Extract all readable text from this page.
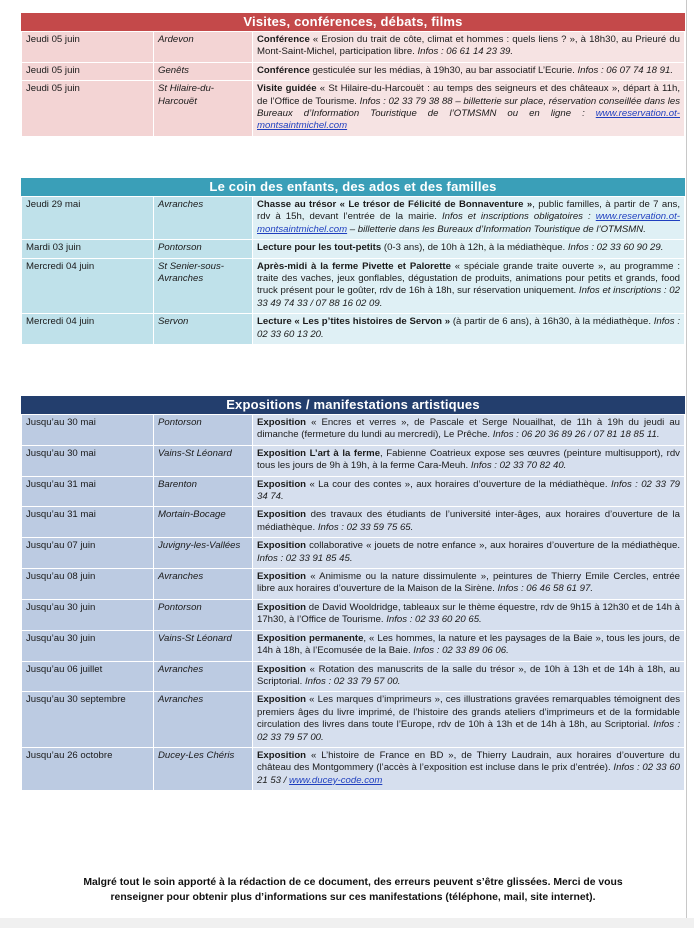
Visites, conférences, débats, films
Jeudi 05 juin	Ardevon	Conférence « Erosion du trait de côte, climat et hommes : quels liens ? », à 18h30, au Prieuré du Mont-Saint-Michel, participation libre. Infos : 06 61 14 23 39.
Jeudi 05 juin	Genêts	Conférence gesticulée sur les médias, à 19h30, au bar associatif L’Ecurie. Infos : 06 07 74 18 91.
Jeudi 05 juin	St Hilaire-du-Harcouët	Visite guidée « St Hilaire-du-Harcouët : au temps des seigneurs et des châteaux », départ à 11h, de l’Office de Tourisme. Infos : 02 33 79 38 88 – billetterie sur place, réservation conseillée dans les Bureaux d’Information Touristique de l’OTMSMN ou en ligne : www.reservation.ot-montsaintmichel.com
Le coin des enfants, des ados et des familles
Jeudi 29 mai	Avranches	Chasse au trésor « Le trésor de Félicité de Bonnaventure », public familles, à partir de 7 ans, rdv à 15h, devant l’entrée de la mairie. Infos et inscriptions obligatoires : www.reservation.ot-montsaintmichel.com – billetterie dans les Bureaux d’Information Touristique de l’OTMSMN.
Mardi 03 juin	Pontorson	Lecture pour les tout-petits (0-3 ans), de 10h à 12h, à la médiathèque. Infos : 02 33 60 90 29.
Mercredi 04 juin	St Senier-sous-Avranches	Après-midi à la ferme Pivette et Palorette « spéciale grande traite ouverte », au programme : traite des vaches, jeux gonflables, dégustation de produits, animations pour petits et grands, food truck présent pour le goûter, rdv de 16h à 18h, sur réservation uniquement. Infos et inscriptions : 02 33 49 74 33 / 07 88 16 02 09.
Mercredi 04 juin	Servon	Lecture « Les p’tites histoires de Servon » (à partir de 6 ans), à 16h30, à la médiathèque. Infos : 02 33 60 13 20.
Expositions / manifestations artistiques
Jusqu’au 30 mai	Pontorson	Exposition « Encres et verres », de Pascale et Serge Nouailhat, de 11h à 19h du jeudi au dimanche (fermeture du lundi au mercredi), Le Prêche. Infos : 06 20 36 89 26 / 07 81 18 85 11.
Jusqu’au 30 mai	Vains-St Léonard	Exposition L’art à la ferme, Fabienne Coatrieux expose ses œuvres (peinture multisupport), rdv tous les jours de 9h à 19h, à la ferme Cara-Meuh. Infos : 02 33 70 82 40.
Jusqu’au 31 mai	Barenton	Exposition « La cour des contes », aux horaires d’ouverture de la médiathèque. Infos : 02 33 79 34 74.
Jusqu’au 31 mai	Mortain-Bocage	Exposition des travaux des étudiants de l’université inter-âges, aux horaires d’ouverture de la médiathèque. Infos : 02 33 59 75 65.
Jusqu’au 07 juin	Juvigny-les-Vallées	Exposition collaborative « jouets de notre enfance », aux horaires d’ouverture de la médiathèque. Infos : 02 33 91 85 45.
Jusqu’au 08 juin	Avranches	Exposition « Animisme ou la nature dissimulente », peintures de Thierry Emile Cercles, entrée libre aux horaires d’ouverture de la Maison de la Sirène. Infos : 06 46 58 61 97.
Jusqu’au 30 juin	Pontorson	Exposition de David Wooldridge, tableaux sur le thème équestre, rdv de 9h15 à 12h30 et de 14h à 17h30, à l’Office de Tourisme. Infos : 02 33 60 20 65.
Jusqu’au 30 juin	Vains-St Léonard	Exposition permanente, « Les hommes, la nature et les paysages de la Baie », tous les jours, de 14h à 18h, à l’Ecomusée de la Baie. Infos : 02 33 89 06 06.
Jusqu’au 06 juillet	Avranches	Exposition « Rotation des manuscrits de la salle du trésor », de 10h à 13h et de 14h à 18h, au Scriptorial. Infos : 02 33 79 57 00.
Jusqu’au 30 septembre	Avranches	Exposition « Les marques d’imprimeurs », ces illustrations gravées remarquables témoignent des premiers âges du livre imprimé, de l’histoire des grands ateliers d’imprimeurs et de la formidable circulation des livres dans toute l’Europe, rdv de 10h à 13h et de 14h à 18h, au Scriptorial. Infos : 02 33 79 57 00.
Jusqu’au 26 octobre	Ducey-Les Chéris	Exposition « L’histoire de France en BD », de Thierry Laudrain, aux horaires d’ouverture du château des Montgommery (l’accès à l’exposition est incluse dans le prix d’entrée). Infos : 02 33 60 21 53 / www.ducey-code.com
Malgré tout le soin apporté à la rédaction de ce document, des erreurs peuvent s’être glissées. Merci de vous
renseigner pour obtenir plus d’informations sur ces manifestations (téléphone, mail, site internet).
